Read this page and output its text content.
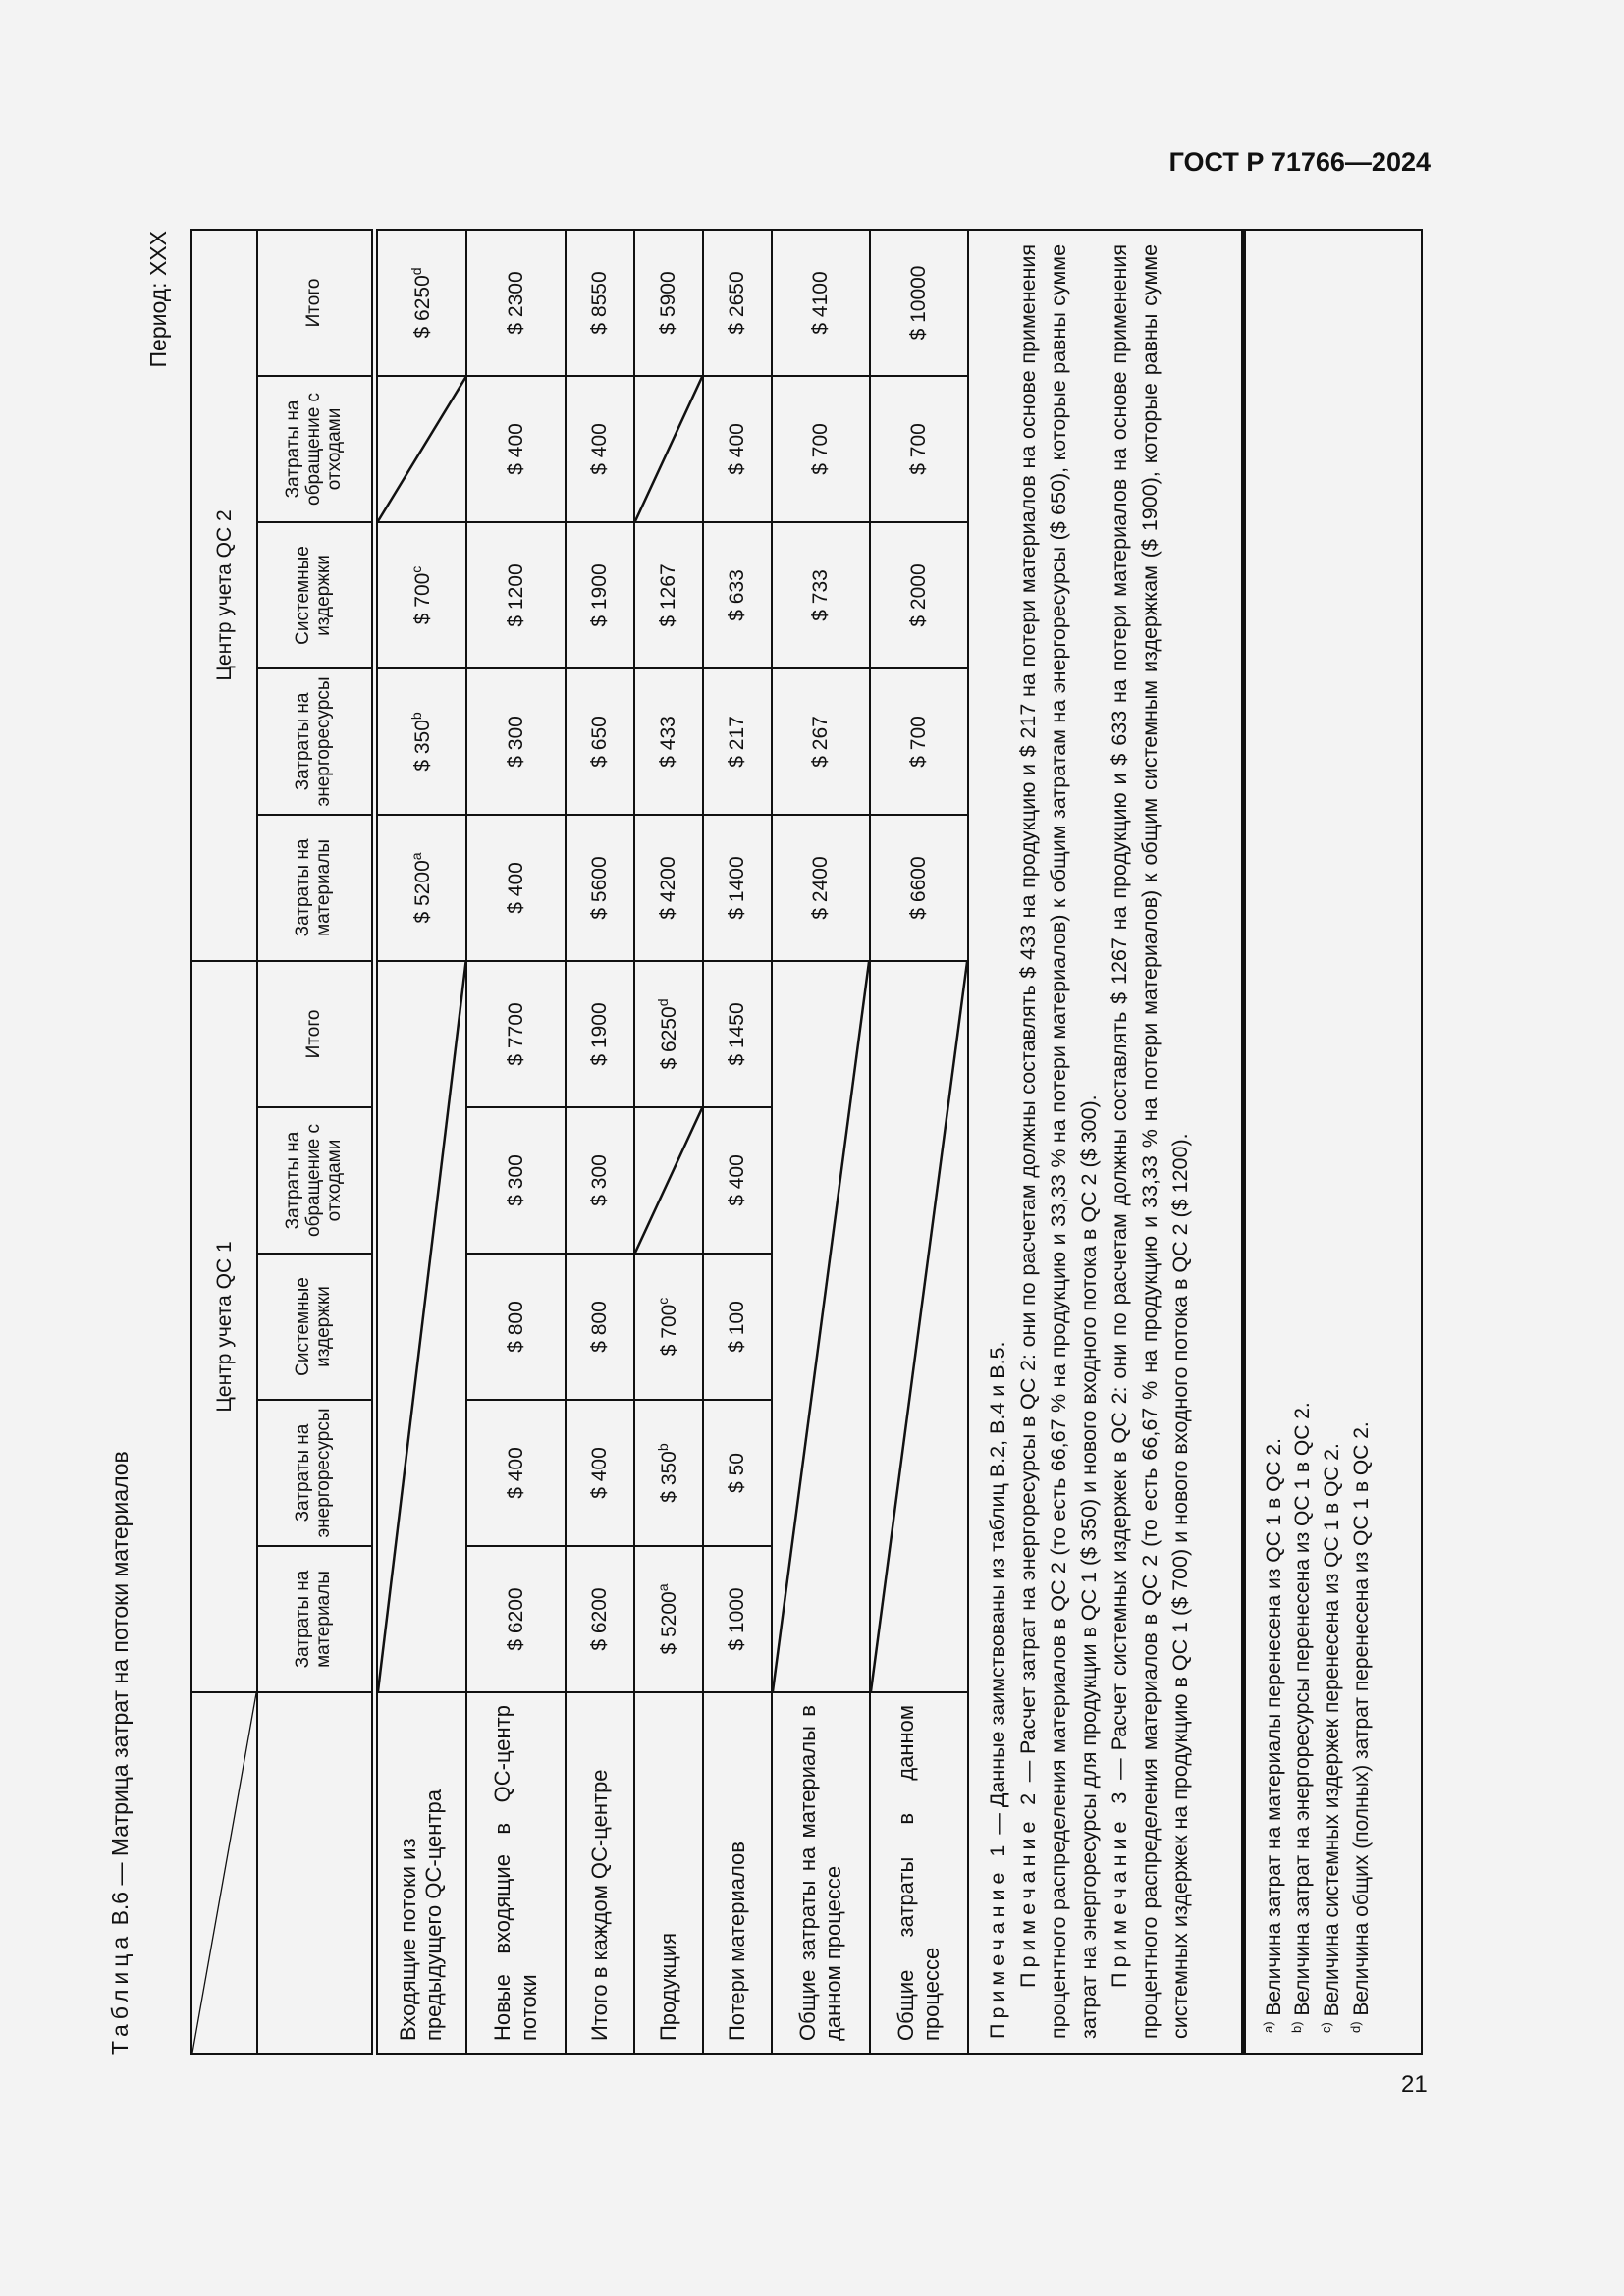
ГОСТ Р 71766—2024
21
Таблица В.6 — Матрица затрат на потоки материалов
Период: XXX
	Центр учета QC 1					Центр учета QC 2				
	Затраты на материалы	Затраты на энергоресурсы	Системные издержки	Затраты на обращение с отходами	Итого	Затраты на материалы	Затраты на энергоресурсы	Системные издержки	Затраты на обращение с отходами	Итого
Входящие потоки из предыдущего QC-центра						$ 5200$^a$	$ 350$^b$	$ 700$^c$		$ 6250$^d$
Новые входящие в QC-центр потоки	$ 6200	$ 400	$ 800	$ 300	$ 7700	$ 400	$ 300	$ 1200	$ 400	$ 2300
Итого в каждом QC-центре	$ 6200	$ 400	$ 800	$ 300	$ 1900	$ 5600	$ 650	$ 1900	$ 400	$ 8550
Продукция	$ 5200$^a$	$ 350$^b$	$ 700$^c$		$ 6250$^d$	$ 4200	$ 433	$ 1267		$ 5900
Потери материалов	$ 1000	$ 50	$ 100	$ 400	$ 1450	$ 1400	$ 217	$ 633	$ 400	$ 2650
Общие затраты на материалы в данном процессе						$ 2400	$ 267	$ 733	$ 700	$ 4100
Общие затраты в данном процессе						$ 6600	$ 700	$ 2000	$ 700	$ 10000

Примечание 1 — Данные заимствованы из таблиц В.2, В.4 и В.5.

Примечание 2 — Расчет затрат на энергоресурсы в QC 2: они по расчетам должны составлять $ 433 на продукцию и $ 217 на потери материалов на основе применения процентного распределения материалов в QC 2 (то есть 66,67 % на продукцию и 33,33 % на потери материалов) к общим затратам на энергоресурсы ($ 650), которые равны сумме затрат на энергоресурсы для продукции в QC 1 ($ 350) и нового входного потока в QC 2 ($ 300). Примечание 3 — Расчет системных издержек в QC 2: они по расчетам должны составлять $ 1267 на продукцию и $ 633 на потери материалов на основе применения процентного распределения материалов в QC 2 (то есть 66,67 % на продукцию и 33,33 % на потери материалов) к общим системным издержкам ($ 1900), которые равны сумме системных издержек на продукцию в QC 1 ($ 700) и нового входного потока в QC 2 ($ 1200).										

$^{a)}$ Величина затрат на материалы перенесена из QC 1 в QC 2.
$^{b)}$ Величина затрат на энергоресурсы перенесена из QC 1 в QC 2.
$^{c)}$ Величина системных издержек перенесена из QC 1 в QC 2.
$^{d)}$ Величина общих (полных) затрат перенесена из QC 1 в QC 2.										
